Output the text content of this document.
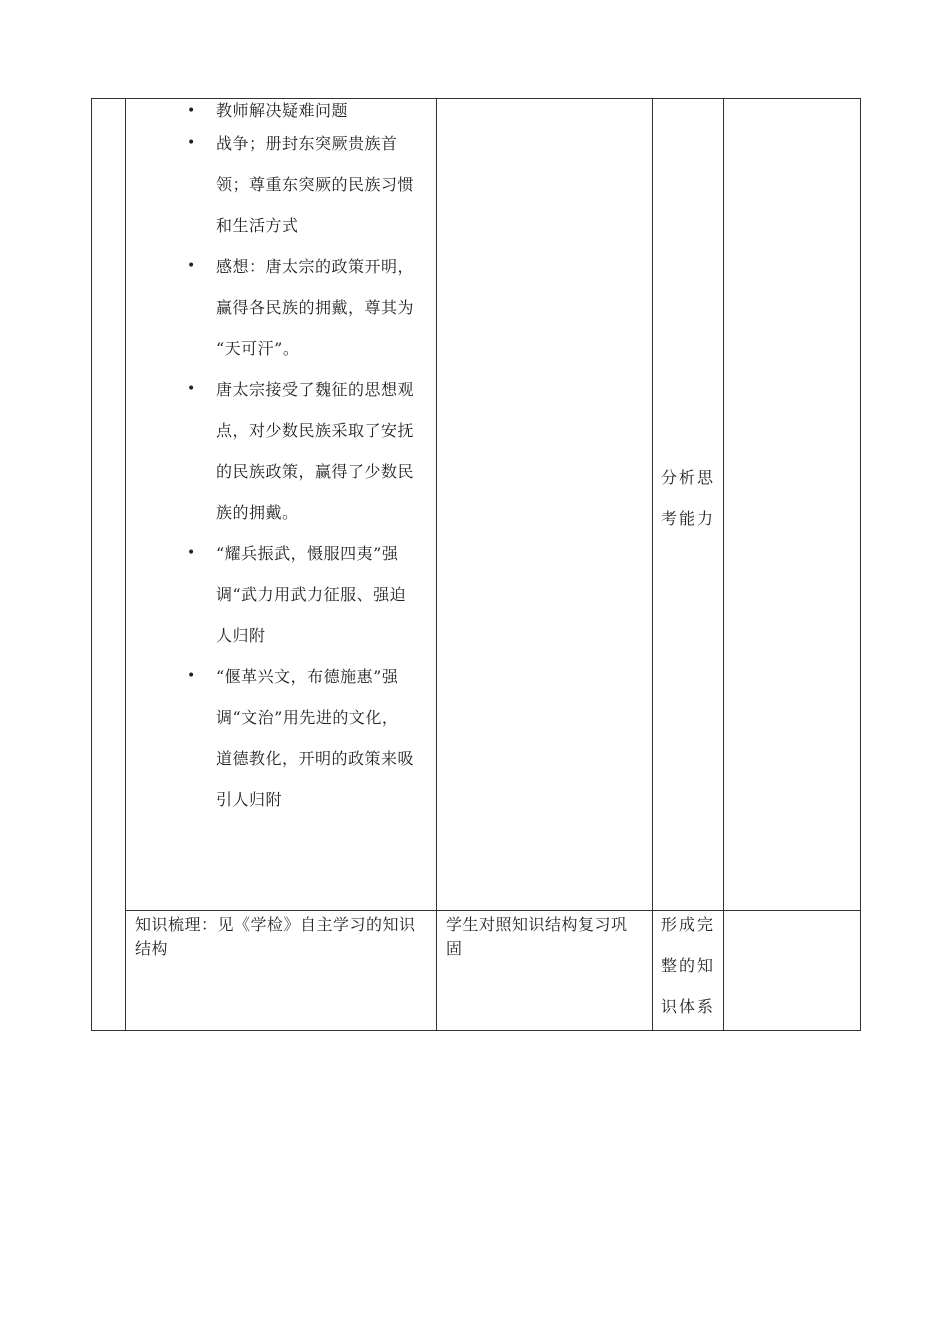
• 教师解决疑难问题
• 战争；册封东突厥贵族首
领；尊重东突厥的民族习惯
和生活方式
• 感想：唐太宗的政策开明，
赢得各民族的拥戴，尊其为
“天可汗”。
• 唐太宗接受了魏征的思想观
点，对少数民族采取了安抚
的民族政策，赢得了少数民
族的拥戴。
• “耀兵振武，慑服四夷”强
调“武力用武力征服、强迫
人归附
• “偃革兴文，布德施惠”强
调“文治”用先进的文化，
道德教化，开明的政策来吸
引人归附
分析思
考能力
知识梳理：见《学检》自主学习的知识
结构
学生对照知识结构复习巩
固
形成完
整的知
识体系
